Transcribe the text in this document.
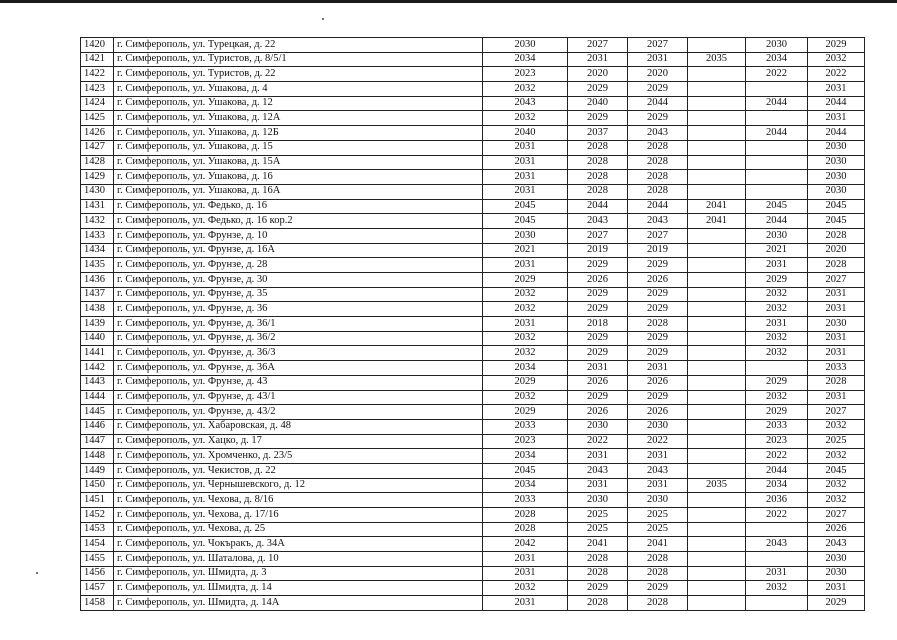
1420	г. Симферополь, ул. Турецкая, д. 22	2030	2027	2027		2030	2029
1421	г. Симферополь, ул. Туристов, д. 8/5/1	2034	2031	2031	2035	2034	2032
1422	г. Симферополь, ул. Туристов, д. 22	2023	2020	2020		2022	2022
1423	г. Симферополь, ул. Ушакова, д. 4	2032	2029	2029			2031
1424	г. Симферополь, ул. Ушакова, д. 12	2043	2040	2044		2044	2044
1425	г. Симферополь, ул. Ушакова, д. 12А	2032	2029	2029			2031
1426	г. Симферополь, ул. Ушакова, д. 12Б	2040	2037	2043		2044	2044
1427	г. Симферополь, ул. Ушакова, д. 15	2031	2028	2028			2030
1428	г. Симферополь, ул. Ушакова, д. 15А	2031	2028	2028			2030
1429	г. Симферополь, ул. Ушакова, д. 16	2031	2028	2028			2030
1430	г. Симферополь, ул. Ушакова, д. 16А	2031	2028	2028			2030
1431	г. Симферополь, ул. Федько, д. 16	2045	2044	2044	2041	2045	2045
1432	г. Симферополь, ул. Федько, д. 16 кор.2	2045	2043	2043	2041	2044	2045
1433	г. Симферополь, ул. Фрунзе, д. 10	2030	2027	2027		2030	2028
1434	г. Симферополь, ул. Фрунзе, д. 16А	2021	2019	2019		2021	2020
1435	г. Симферополь, ул. Фрунзе, д. 28	2031	2029	2029		2031	2028
1436	г. Симферополь, ул. Фрунзе, д. 30	2029	2026	2026		2029	2027
1437	г. Симферополь, ул. Фрунзе, д. 35	2032	2029	2029		2032	2031
1438	г. Симферополь, ул. Фрунзе, д. 36	2032	2029	2029		2032	2031
1439	г. Симферополь, ул. Фрунзе, д. 36/1	2031	2018	2028		2031	2030
1440	г. Симферополь, ул. Фрунзе, д. 36/2	2032	2029	2029		2032	2031
1441	г. Симферополь, ул. Фрунзе, д. 36/3	2032	2029	2029		2032	2031
1442	г. Симферополь, ул. Фрунзе, д. 36А	2034	2031	2031			2033
1443	г. Симферополь, ул. Фрунзе, д. 43	2029	2026	2026		2029	2028
1444	г. Симферополь, ул. Фрунзе, д. 43/1	2032	2029	2029		2032	2031
1445	г. Симферополь, ул. Фрунзе, д. 43/2	2029	2026	2026		2029	2027
1446	г. Симферополь, ул. Хабаровская, д. 48	2033	2030	2030		2033	2032
1447	г. Симферополь, ул. Хацко, д. 17	2023	2022	2022		2023	2025
1448	г. Симферополь, ул. Хромченко, д. 23/5	2034	2031	2031		2022	2032
1449	г. Симферополь, ул. Чекистов, д. 22	2045	2043	2043		2044	2045
1450	г. Симферополь, ул. Чернышевского, д. 12	2034	2031	2031	2035	2034	2032
1451	г. Симферополь, ул. Чехова, д. 8/16	2033	2030	2030		2036	2032
1452	г. Симферополь, ул. Чехова, д. 17/16	2028	2025	2025		2022	2027
1453	г. Симферополь, ул. Чехова, д. 25	2028	2025	2025			2026
1454	г. Симферополь, ул. Чокъракъ, д. 34А	2042	2041	2041		2043	2043
1455	г. Симферополь, ул. Шаталова, д. 10	2031	2028	2028			2030
1456	г. Симферополь, ул. Шмидта, д. 3	2031	2028	2028		2031	2030
1457	г. Симферополь, ул. Шмидта, д. 14	2032	2029	2029		2032	2031
1458	г. Симферополь, ул. Шмидта, д. 14А	2031	2028	2028			2029
